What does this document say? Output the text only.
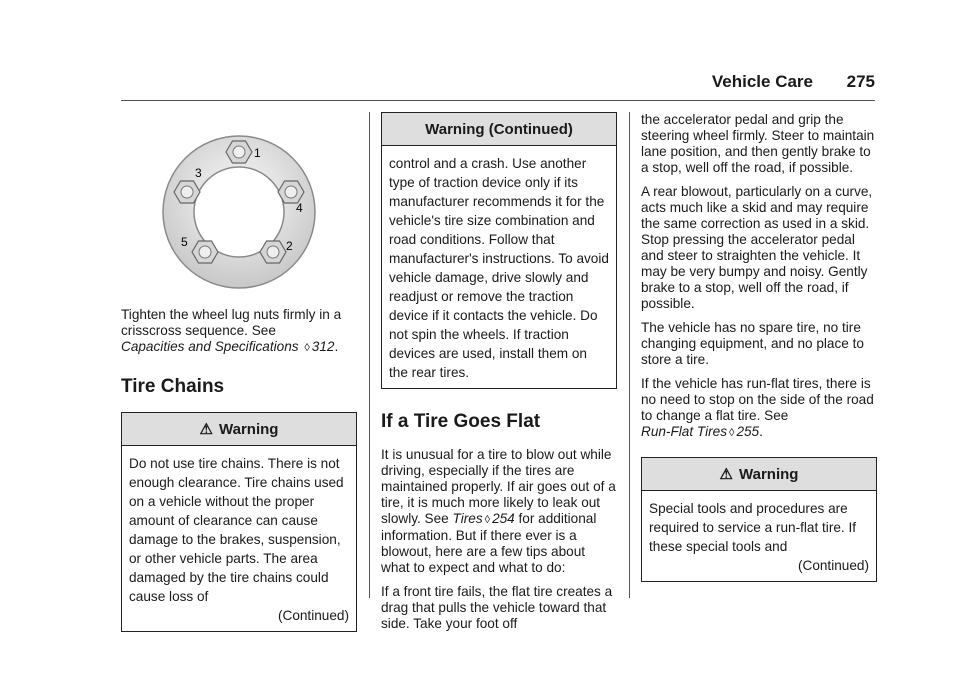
Vehicle Care 275
1
2
3
4
5

Tighten the wheel lug nuts firmly in a crisscross sequence. See Capacities and Specifications ◊ 312.

Tire Chains
⚠ Warning
Do not use tire chains. There is not enough clearance. Tire chains used on a vehicle without the proper amount of clearance can cause damage to the brakes, suspension, or other vehicle parts. The area damaged by the tire chains could cause loss of
(Continued)
Warning (Continued)
control and a crash. Use another type of traction device only if its manufacturer recommends it for the vehicle's tire size combination and road conditions. Follow that manufacturer's instructions. To avoid vehicle damage, drive slowly and readjust or remove the traction device if it contacts the vehicle. Do not spin the wheels. If traction devices are used, install them on the rear tires.
If a Tire Goes Flat

It is unusual for a tire to blow out while driving, especially if the tires are maintained properly. If air goes out of a tire, it is much more likely to leak out slowly. See Tires ◊ 254 for additional information. But if there ever is a blowout, here are a few tips about what to expect and what to do:

If a front tire fails, the flat tire creates a drag that pulls the vehicle toward that side. Take your foot off

the accelerator pedal and grip the steering wheel firmly. Steer to maintain lane position, and then gently brake to a stop, well off the road, if possible.

A rear blowout, particularly on a curve, acts much like a skid and may require the same correction as used in a skid. Stop pressing the accelerator pedal and steer to straighten the vehicle. It may be very bumpy and noisy. Gently brake to a stop, well off the road, if possible.

The vehicle has no spare tire, no tire changing equipment, and no place to store a tire.

If the vehicle has run-flat tires, there is no need to stop on the side of the road to change a flat tire. See Run-Flat Tires ◊ 255.

⚠ Warning
Special tools and procedures are required to service a run-flat tire. If these special tools and
(Continued)
